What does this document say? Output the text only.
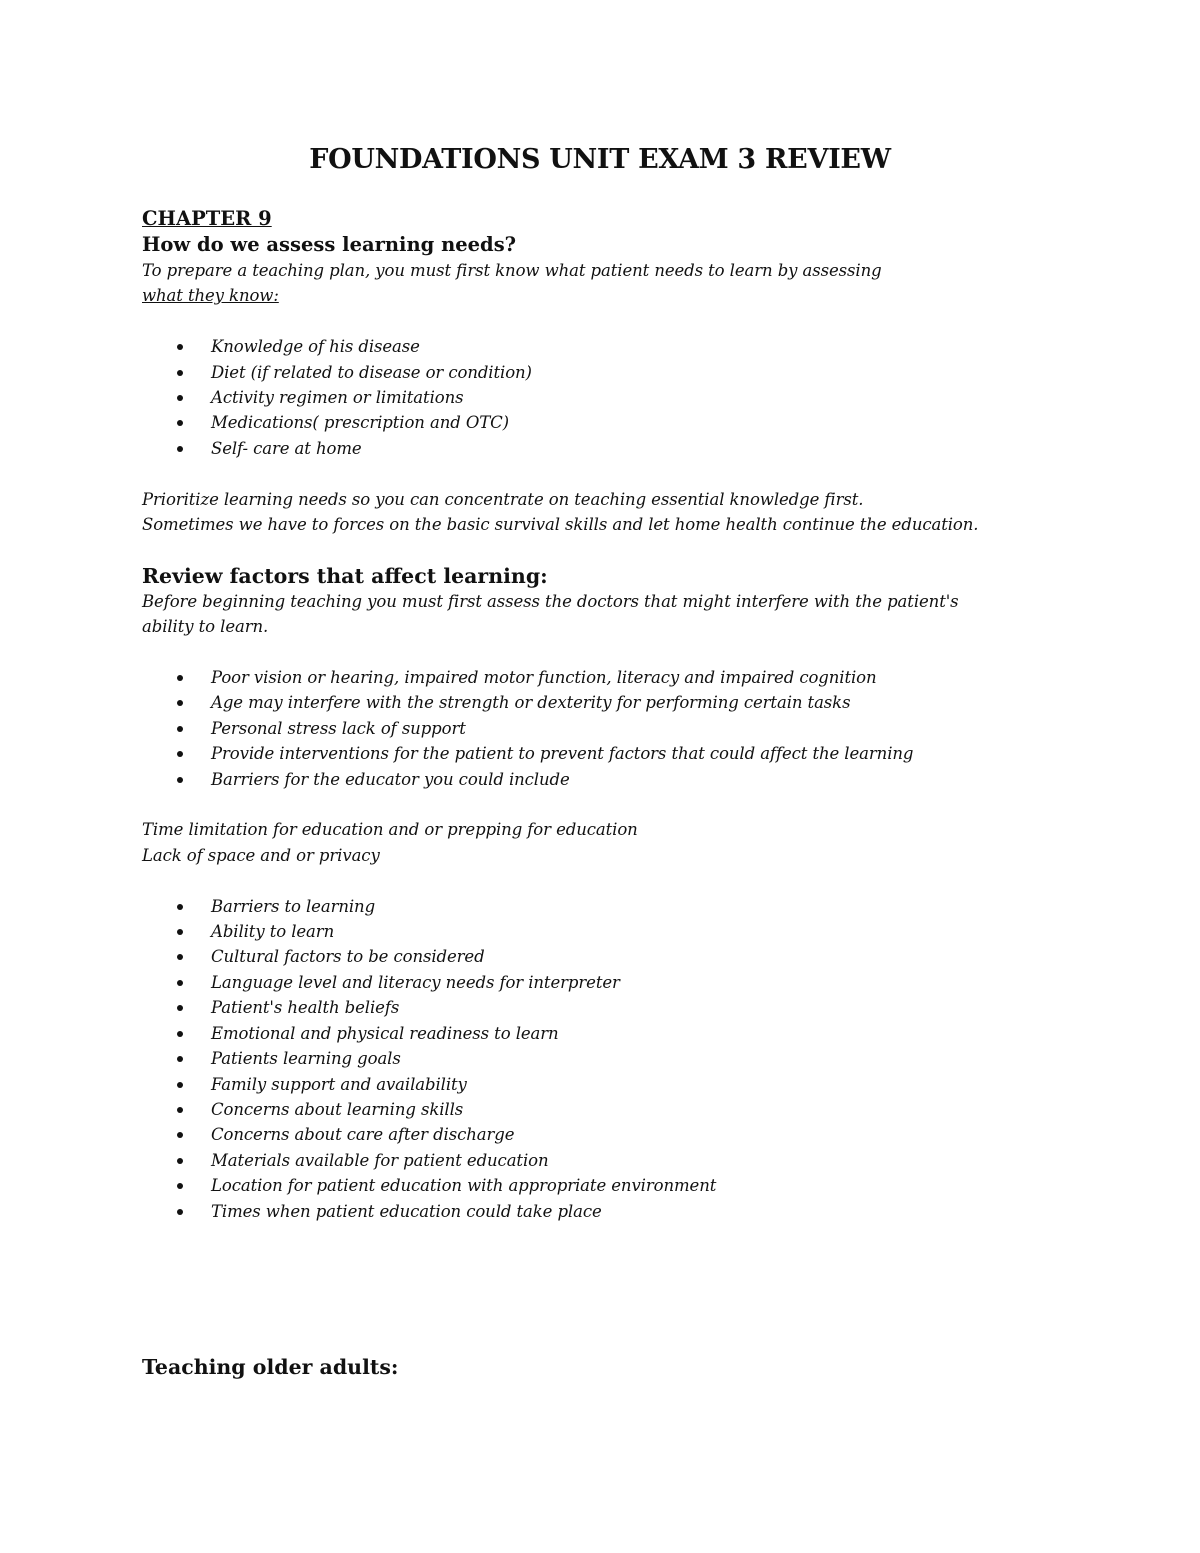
FOUNDATIONS UNIT EXAM 3 REVIEW

CHAPTER 9

How do we assess learning needs?

To prepare a teaching plan, you must first know what patient needs to learn by assessing

what they know:

Knowledge of his disease
Diet (if related to disease or condition)
Activity regimen or limitations
Medications( prescription and OTC)
Self- care at home

Prioritize learning needs so you can concentrate on teaching essential knowledge first.

Sometimes we have to forces on the basic survival skills and let home health continue the education.

Review factors that affect learning:

Before beginning teaching you must first assess the doctors that might interfere with the patient's

ability to learn.

Poor vision or hearing, impaired motor function, literacy and impaired cognition
Age may interfere with the strength or dexterity for performing certain tasks
Personal stress lack of support
Provide interventions for the patient to prevent factors that could affect the learning
Barriers for the educator you could include

Time limitation for education and or prepping for education

Lack of space and or privacy

Barriers to learning
Ability to learn
Cultural factors to be considered
Language level and literacy needs for interpreter
Patient's health beliefs
Emotional and physical readiness to learn
Patients learning goals
Family support and availability
Concerns about learning skills
Concerns about care after discharge
Materials available for patient education
Location for patient education with appropriate environment
Times when patient education could take place

Teaching older adults:
